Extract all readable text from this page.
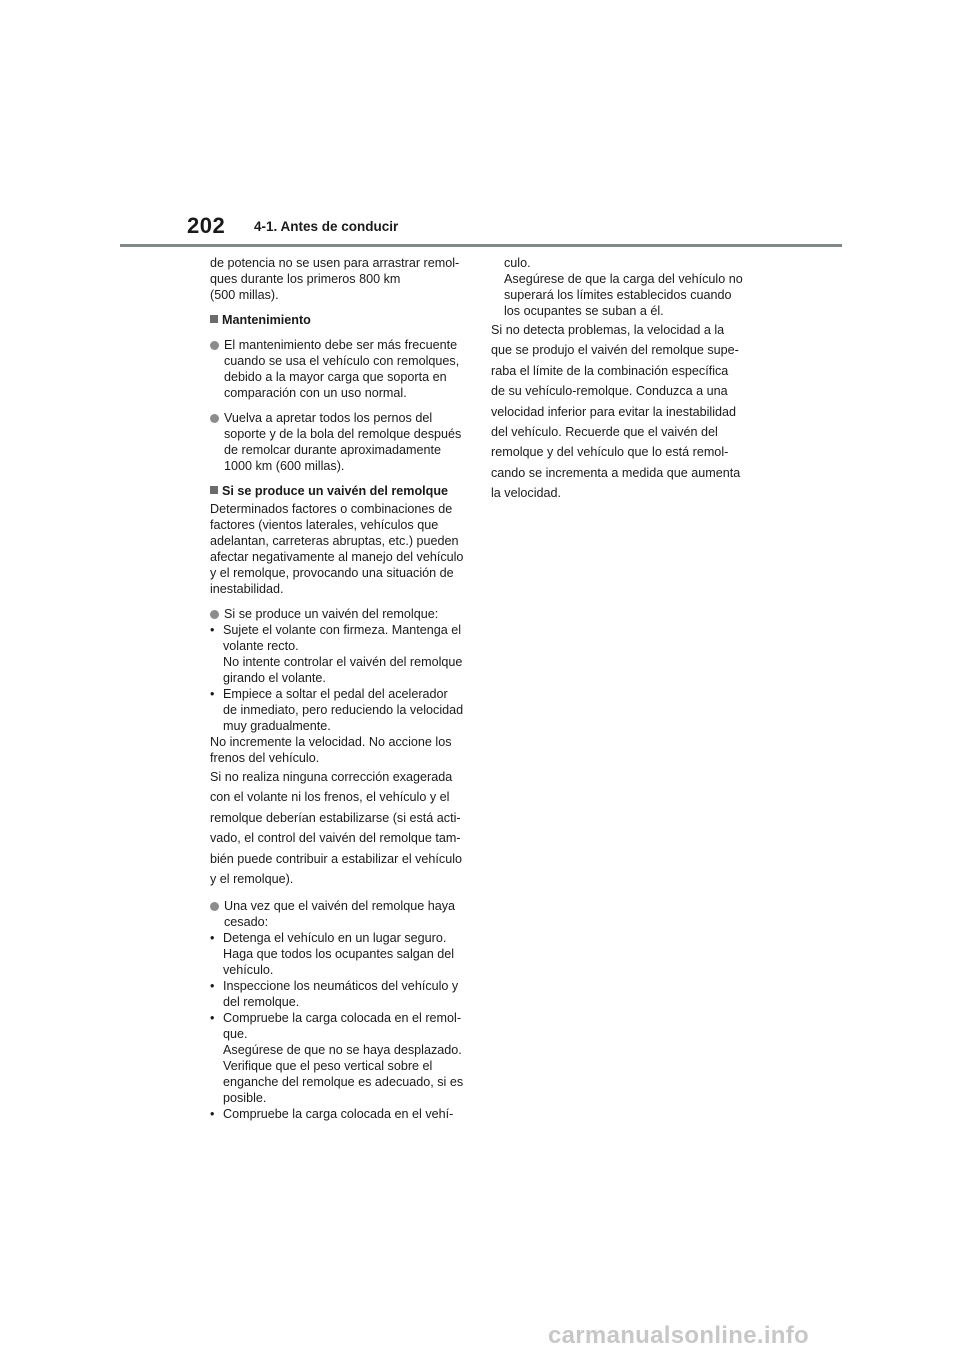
202 4-1. Antes de conducir

de potencia no se usen para arrastrar remol-

ques durante los primeros 800 km

(500 millas).

Mantenimiento

El mantenimiento debe ser más frecuente

cuando se usa el vehículo con remolques,

debido a la mayor carga que soporta en

comparación con un uso normal.

Vuelva a apretar todos los pernos del

soporte y de la bola del remolque después

de remolcar durante aproximadamente

1000 km (600 millas).

Si se produce un vaivén del remolque

Determinados factores o combinaciones de

factores (vientos laterales, vehículos que

adelantan, carreteras abruptas, etc.) pueden

afectar negativamente al manejo del vehículo

y el remolque, provocando una situación de

inestabilidad.

Si se produce un vaivén del remolque:

• Sujete el volante con firmeza. Mantenga el

volante recto.

No intente controlar el vaivén del remolque

girando el volante.

• Empiece a soltar el pedal del acelerador

de inmediato, pero reduciendo la velocidad

muy gradualmente.

No incremente la velocidad. No accione los

frenos del vehículo.

Si no realiza ninguna corrección exagerada

con el volante ni los frenos, el vehículo y el

remolque deberían estabilizarse (si está acti-

vado, el control del vaivén del remolque tam-

bién puede contribuir a estabilizar el vehículo

y el remolque).

Una vez que el vaivén del remolque haya

cesado:

• Detenga el vehículo en un lugar seguro.

Haga que todos los ocupantes salgan del

vehículo.

• Inspeccione los neumáticos del vehículo y

del remolque.

• Compruebe la carga colocada en el remol-

que.

Asegúrese de que no se haya desplazado.

Verifique que el peso vertical sobre el

enganche del remolque es adecuado, si es

posible.

• Compruebe la carga colocada en el vehí-

culo.

Asegúrese de que la carga del vehículo no

superará los límites establecidos cuando

los ocupantes se suban a él.

Si no detecta problemas, la velocidad a la

que se produjo el vaivén del remolque supe-

raba el límite de la combinación específica

de su vehículo-remolque. Conduzca a una

velocidad inferior para evitar la inestabilidad

del vehículo. Recuerde que el vaivén del

remolque y del vehículo que lo está remol-

cando se incrementa a medida que aumenta

la velocidad.

carmanualsonline.info
